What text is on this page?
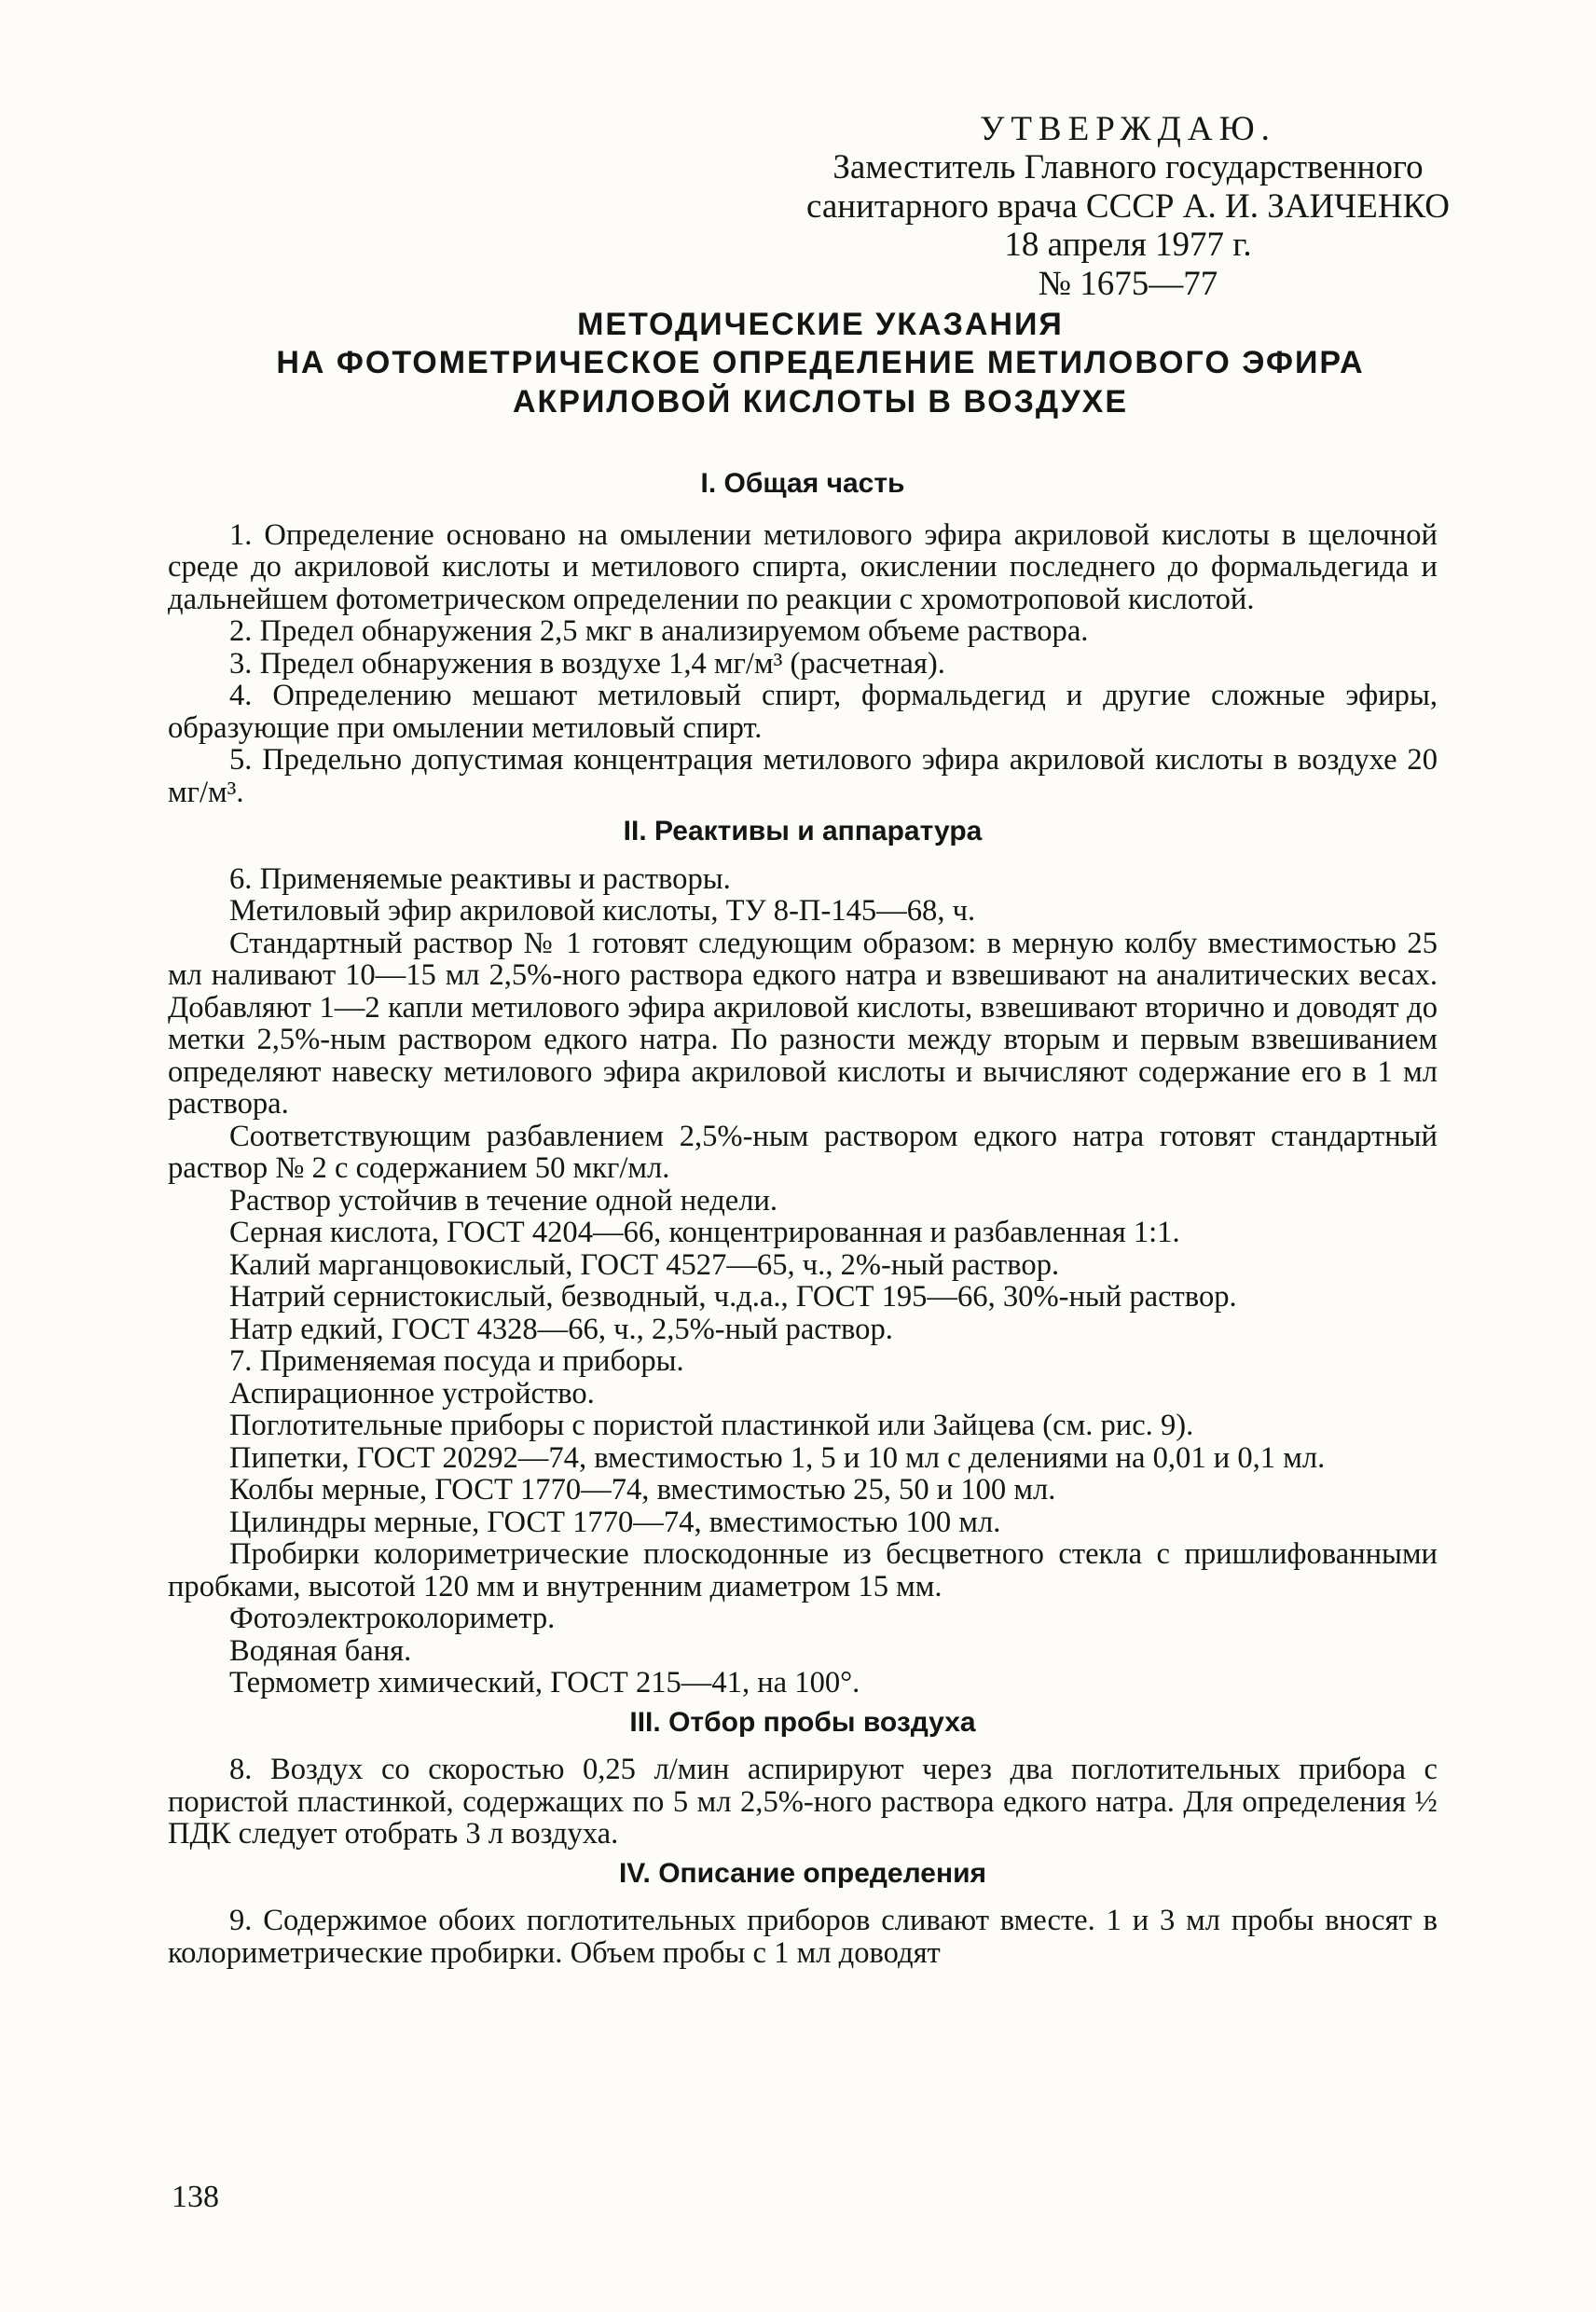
УТВЕРЖДАЮ.
Заместитель Главного государственного
санитарного врача СССР А. И. ЗАИЧЕНКО
18 апреля 1977 г.
№ 1675—77
МЕТОДИЧЕСКИЕ УКАЗАНИЯ
НА ФОТОМЕТРИЧЕСКОЕ ОПРЕДЕЛЕНИЕ МЕТИЛОВОГО ЭФИРА
АКРИЛОВОЙ КИСЛОТЫ В ВОЗДУХЕ
I. Общая часть

1. Определение основано на омылении метилового эфира акриловой кислоты в щелочной среде до акриловой кислоты и метилового спирта, окислении последнего до формальдегида и дальнейшем фотометрическом определении по реакции с хромотроповой кислотой.

2. Предел обнаружения 2,5 мкг в анализируемом объеме раствора.

3. Предел обнаружения в воздухе 1,4 мг/м³ (расчетная).

4. Определению мешают метиловый спирт, формальдегид и другие сложные эфиры, образующие при омылении метиловый спирт.

5. Предельно допустимая концентрация метилового эфира акриловой кислоты в воздухе 20 мг/м³.

II. Реактивы и аппаратура

6. Применяемые реактивы и растворы.

Метиловый эфир акриловой кислоты, ТУ 8-П-145—68, ч.

Стандартный раствор № 1 готовят следующим образом: в мерную колбу вместимостью 25 мл наливают 10—15 мл 2,5%-ного раствора едкого натра и взвешивают на аналитических весах. Добавляют 1—2 капли метилового эфира акриловой кислоты, взвешивают вторично и доводят до метки 2,5%-ным раствором едкого натра. По разности между вторым и первым взвешиванием определяют навеску метилового эфира акриловой кислоты и вычисляют содержание его в 1 мл раствора.

Соответствующим разбавлением 2,5%-ным раствором едкого натра готовят стандартный раствор № 2 с содержанием 50 мкг/мл.

Раствор устойчив в течение одной недели.

Серная кислота, ГОСТ 4204—66, концентрированная и разбавленная 1:1.

Калий марганцовокислый, ГОСТ 4527—65, ч., 2%-ный раствор.

Натрий сернистокислый, безводный, ч.д.а., ГОСТ 195—66, 30%-ный раствор.

Натр едкий, ГОСТ 4328—66, ч., 2,5%-ный раствор.

7. Применяемая посуда и приборы.

Аспирационное устройство.

Поглотительные приборы с пористой пластинкой или Зайцева (см. рис. 9).

Пипетки, ГОСТ 20292—74, вместимостью 1, 5 и 10 мл с делениями на 0,01 и 0,1 мл.

Колбы мерные, ГОСТ 1770—74, вместимостью 25, 50 и 100 мл.

Цилиндры мерные, ГОСТ 1770—74, вместимостью 100 мл.

Пробирки колориметрические плоскодонные из бесцветного стекла с пришлифованными пробками, высотой 120 мм и внутренним диаметром 15 мм.

Фотоэлектроколориметр.

Водяная баня.

Термометр химический, ГОСТ 215—41, на 100°.

III. Отбор пробы воздуха

8. Воздух со скоростью 0,25 л/мин аспирируют через два поглотительных прибора с пористой пластинкой, содержащих по 5 мл 2,5%-ного раствора едкого натра. Для определения ½ ПДК следует отобрать 3 л воздуха.

IV. Описание определения

9. Содержимое обоих поглотительных приборов сливают вместе. 1 и 3 мл пробы вносят в колориметрические пробирки. Объем пробы с 1 мл доводят

138
